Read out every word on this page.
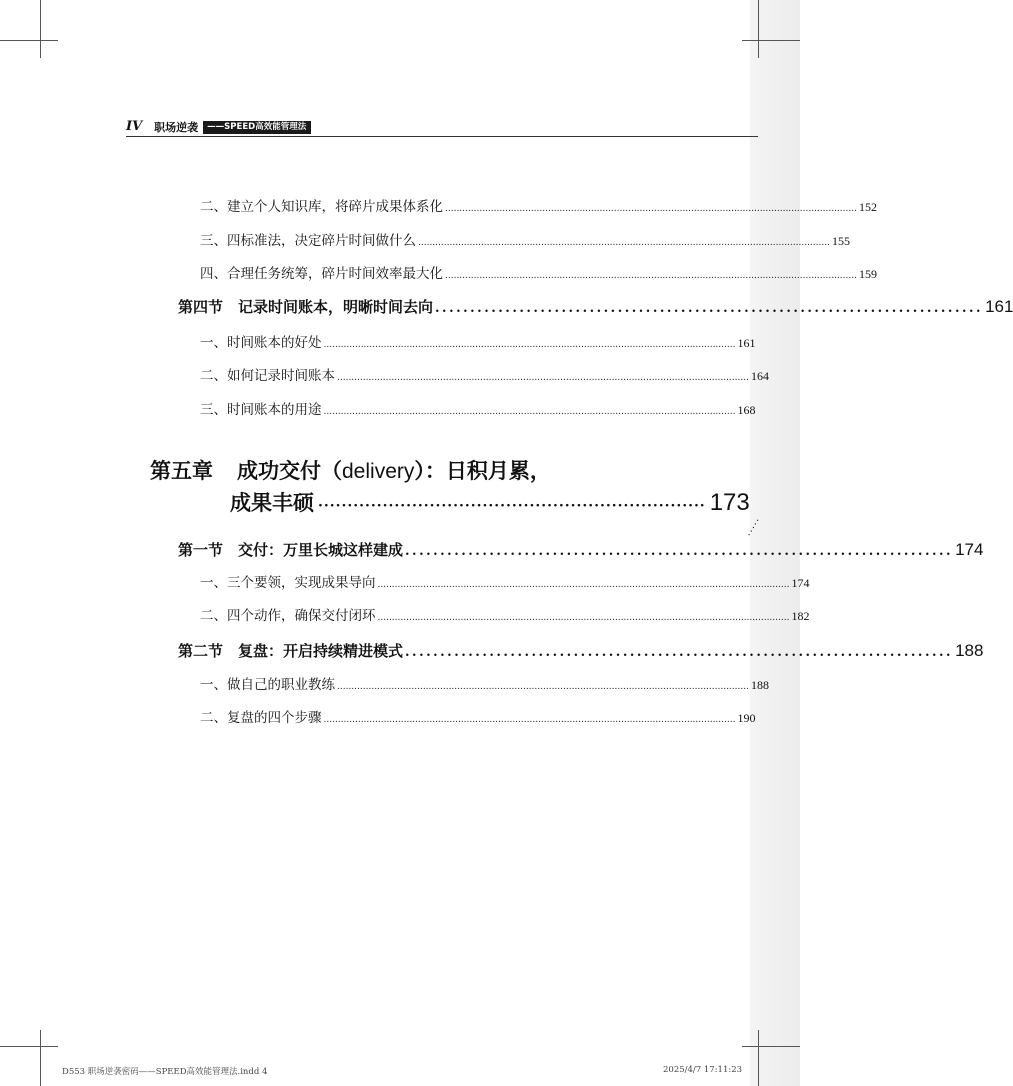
IV 职场逆袭	——SPEED高效能管理法
二、建立个人知识库，将碎片成果体系化 ................................................................................................................................................ 152
三、四标准法，决定碎片时间做什么 ................................................................................................................................................ 155
四、合理任务统筹，碎片时间效率最大化 ................................................................................................................................................ 159
第四节 记录时间账本，明晰时间去向 .............................................................................. 161
一、时间账本的好处 ................................................................................................................................................ 161
二、如何记录时间账本 ................................................................................................................................................ 164
三、时间账本的用途 ................................................................................................................................................ 168
第五章 成功交付（delivery）：日积月累，
成果丰硕 ·································································· 173
第一节 交付：万里长城这样建成 .............................................................................. 174
一、三个要领，实现成果导向 ................................................................................................................................................ 174
二、四个动作，确保交付闭环 ................................................................................................................................................ 182
第二节 复盘：开启持续精进模式 .............................................................................. 188
一、做自己的职业教练 ................................................................................................................................................ 188
二、复盘的四个步骤 ................................................................................................................................................ 190
·····
D553 职场逆袭密码——SPEED高效能管理法.indd 4	2025/4/7 17:11:23
